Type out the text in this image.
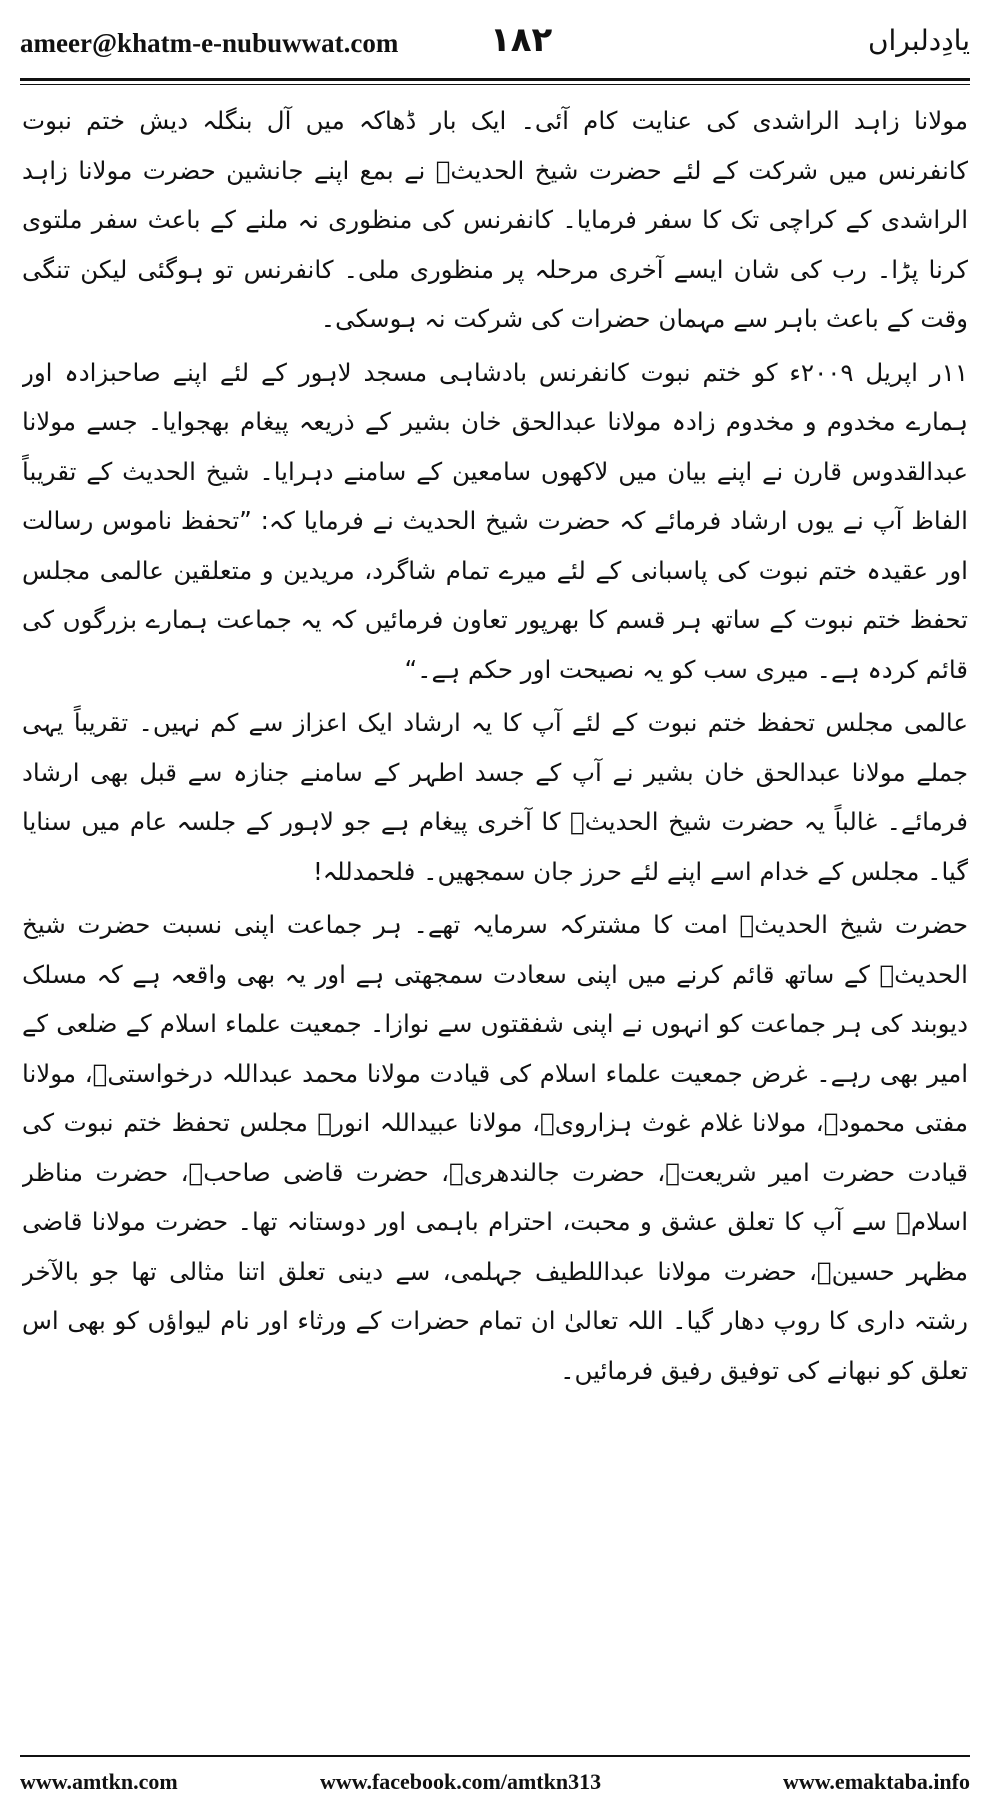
ameer@khatm-e-nubuwwat.com	۱۸۲	یادِدلبراں

مولانا زاہد الراشدی کی عنایت کام آئی۔ ایک بار ڈھاکہ میں آل بنگلہ دیش ختم نبوت کانفرنس میں شرکت کے لئے حضرت شیخ الحدیثؒ نے بمع اپنے جانشین حضرت مولانا زاہد الراشدی کے کراچی تک کا سفر فرمایا۔ کانفرنس کی منظوری نہ ملنے کے باعث سفر ملتوی کرنا پڑا۔ رب کی شان ایسے آخری مرحلہ پر منظوری ملی۔ کانفرنس تو ہوگئی لیکن تنگی وقت کے باعث باہر سے مہمان حضرات کی شرکت نہ ہوسکی۔

۱۱ر اپریل ۲۰۰۹ء کو ختم نبوت کانفرنس بادشاہی مسجد لاہور کے لئے اپنے صاحبزادہ اور ہمارے مخدوم و مخدوم زادہ مولانا عبدالحق خان بشیر کے ذریعہ پیغام بھجوایا۔ جسے مولانا عبدالقدوس قارن نے اپنے بیان میں لاکھوں سامعین کے سامنے دہرایا۔ شیخ الحدیث کے تقریباً الفاظ آپ نے یوں ارشاد فرمائے کہ حضرت شیخ الحدیث نے فرمایا کہ: ”تحفظ ناموس رسالت اور عقیدہ ختم نبوت کی پاسبانی کے لئے میرے تمام شاگرد، مریدین و متعلقین عالمی مجلس تحفظ ختم نبوت کے ساتھ ہر قسم کا بھرپور تعاون فرمائیں کہ یہ جماعت ہمارے بزرگوں کی قائم کردہ ہے۔ میری سب کو یہ نصیحت اور حکم ہے۔“

عالمی مجلس تحفظ ختم نبوت کے لئے آپ کا یہ ارشاد ایک اعزاز سے کم نہیں۔ تقریباً یہی جملے مولانا عبدالحق خان بشیر نے آپ کے جسد اطہر کے سامنے جنازہ سے قبل بھی ارشاد فرمائے۔ غالباً یہ حضرت شیخ الحدیثؒ کا آخری پیغام ہے جو لاہور کے جلسہ عام میں سنایا گیا۔ مجلس کے خدام اسے اپنے لئے حرز جان سمجھیں۔ فلحمدللہ!

حضرت شیخ الحدیثؒ امت کا مشترکہ سرمایہ تھے۔ ہر جماعت اپنی نسبت حضرت شیخ الحدیثؒ کے ساتھ قائم کرنے میں اپنی سعادت سمجھتی ہے اور یہ بھی واقعہ ہے کہ مسلک دیوبند کی ہر جماعت کو انہوں نے اپنی شفقتوں سے نوازا۔ جمعیت علماء اسلام کے ضلعی کے امیر بھی رہے۔ غرض جمعیت علماء اسلام کی قیادت مولانا محمد عبداللہ درخواستیؒ، مولانا مفتی محمودؒ، مولانا غلام غوث ہزارویؒ، مولانا عبیداللہ انورؒ مجلس تحفظ ختم نبوت کی قیادت حضرت امیر شریعتؒ، حضرت جالندھریؒ، حضرت قاضی صاحبؒ، حضرت مناظر اسلامؒ سے آپ کا تعلق عشق و محبت، احترام باہمی اور دوستانہ تھا۔ حضرت مولانا قاضی مظہر حسینؒ، حضرت مولانا عبداللطیف جہلمی، سے دینی تعلق اتنا مثالی تھا جو بالآخر رشتہ داری کا روپ دھار گیا۔ اللہ تعالیٰ ان تمام حضرات کے ورثاء اور نام لیواؤں کو بھی اس تعلق کو نبھانے کی توفیق رفیق فرمائیں۔

www.amtkn.com	www.facebook.com/amtkn313	www.emaktaba.info
